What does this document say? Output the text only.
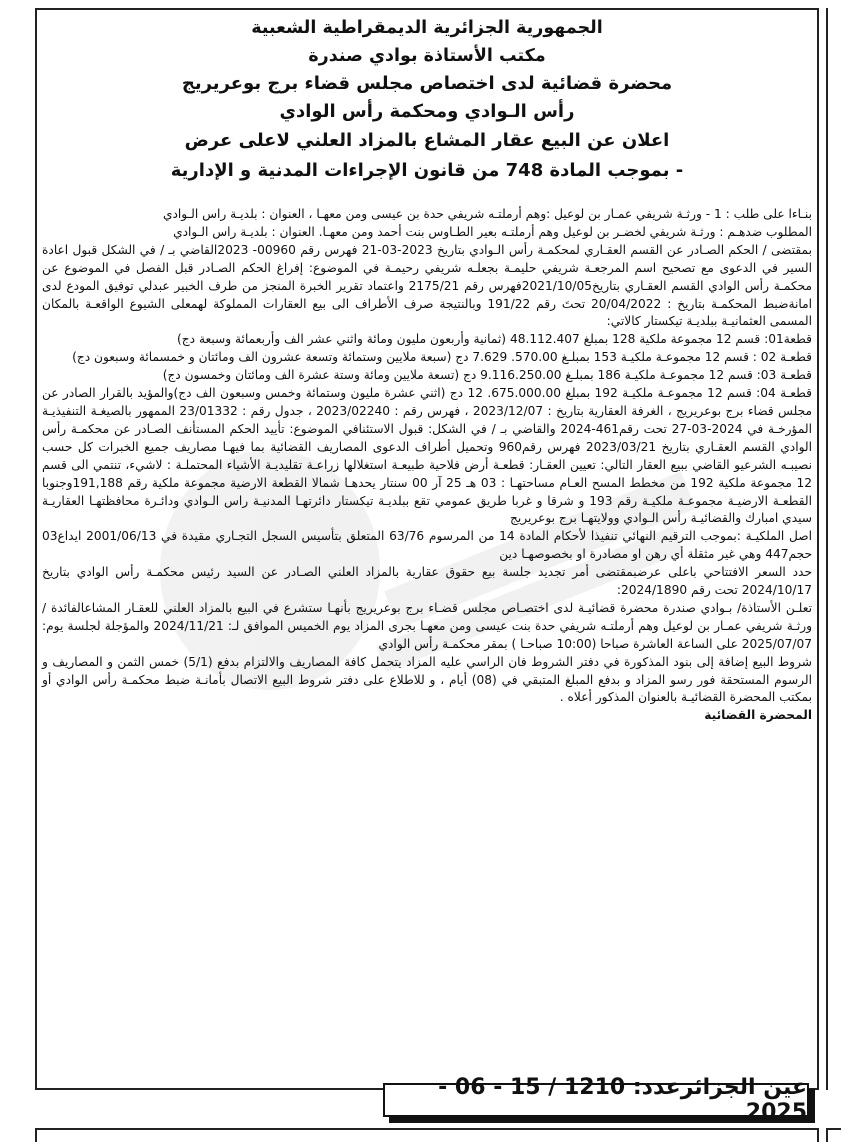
الجمهورية الجزائرية الديمقراطية الشعبية
مكتب الأستاذة بوادي صندرة
محضرة قضائية لدى اختصاص مجلس قضاء برج بوعريريج
رأس الـوادي ومحكمة رأس الوادي
اعلان عن البيع عقار المشاع بالمزاد العلني لاعلى عرض
- بموجب المادة 748 من قانون الإجراءات المدنية و الإدارية

بنـاءا على طلب : 1 - ورثـة شريفي عمـار بن لوعيل :وهم أرملتـه شريفي حدة بن عيسى ومن معهـا ، العنوان : بلديـة راس الـوادي

المطلوب ضدهـم : ورثـة شريفي لخضـر بن لوعيل وهم أرملتـه بعير الطـاوس بنت أحمد ومن معهـا. العنوان : بلديـة راس الـوادي

بمقتضى / الحكم الصـادر عن القسم العقـاري لمحكمـة رأس الـوادي بتاريخ 2023-03-21 فهرس رقم 00960- 2023القاضي بـ / في الشكل قبول اعادة السير في الدعوى مع تصحيح اسم المرجعـة شريفي حليمـة بجعلـه شريفي رحيمـة في الموضوع: إفراغ الحكم الصـادر قبل الفصل في الموضوع عن محكمـة رأس الوادي القسم العقـاري بتاريخ2021/10/05فهرس رقم 2175/21 واعتماد تقرير الخبرة المنجز من طرف الخبير عبدلي توفيق المودع لدى امانةضبط المحكمـة بتاريخ : 20/04/2022 تحتَ رقم 191/22 وبالنتيجة صرف الأطراف الى بيع العقارات المملوكة لهمعلى الشيوع الواقعـة بالمكان المسمى العثمانيـة ببلديـة تيكستار كالاتي:

قطعة01: قسم 12 مجموعة ملكية 128 بمبلغ 48.112.407 (ثمانية وأربعون مليون ومائة واثني عشر الف وأربعمائة وسبعة دج)

قطعـة 02 : قسم 12 مجموعـة ملكيـة 153 بمبلـغ 570.00. 7.629 دج (سبعة ملايين وستمائة وتسعة عشرون الف ومائتان و خمسمائة وسبعون دج)

قطعـة 03: قسم 12 مجموعـة ملكيـة 186 بمبلـغ 9.116.250.00 دج (تسعة ملايين ومائة وستة عشرة الف ومائتان وخمسون دج)

قطعـة 04: قسم 12 مجموعـة ملكيـة 192 بمبلغ 675.000.00. 12 دج (اثني عشرة مليون وستمائة وخمس وسبعون الف دج)والمؤيد بالقرار الصادر عن مجلس قضاء برج بوعريريج ، الغرفة العقارية بتاريخ : 2023/12/07 ، فهرس رقم : 2023/02240 ، جدول رقم : 23/01332 الممهور بالصيغـة التنفيذيـة المؤرخـة في 2024-03-27 تحت رقم461-2024 والقاضي بـ / في الشكل: قبول الاستئنافي الموضوع: تأييد الحكم المستأنف الصـادر عن محكمـة رأس الوادي القسم العقـاري بتاريخ 2023/03/21 فهرس رقم960 وتحميل أطراف الدعوى المصاريف القضائية بما فيهـا مصاريف جميع الخبرات كل حسب نصيبـه الشرعيو القاضي ببيع العقار التالي: تعيين العقـار: قطعـة أرض فلاحية طبيعـة استغلالها زراعـة تقليديـة الأشياء المحتملـة : لاشيء، تنتمي الى قسم 12 مجموعة ملكية 192 من مخطط المسح العـام مساحتهـا : 03 هـ 25 آر 00 سنتار يحدهـا شمالا القطعة الارضية مجموعة ملكية رقم 191,188وجنوبا القطعـة الارضيـة مجموعـة ملكيـة رقم 193 و شرقا و غربا طريق عمومي تقع ببلديـة تيكستار دائرتهـا المدنيـة راس الـوادي ودائـرة محافظتهـا العقاريـة سيدي امبارك والقضائيـة رأس الـوادي وولايتهـا برج بوعريريج

اصل الملكيـة :بموجب الترقيم النهائي تنفيذا لأحكام المادة 14 من المرسوم 63/76 المتعلق بتأسيس السجل التجـاري مقيدة في 2001/06/13 ايداع03 حجم447 وهي غير مثقلة أي رهن او مصادرة او بخصوصهـا دين

حدد السعر الافتتاحي باعلى عرضبمقتضى أمر تجديد جلسة بيع حقوق عقارية بالمزاد العلني الصـادر عن السيد رئيس محكمـة رأس الوادي بتاريخ 2024/10/17 تحت رقم 2024/1890:

تعلـن الأستاذة/ بـوادي صندرة محضرة قضائيـة لدى اختصـاص مجلس قضـاء برج بوعريريج بأنهـا ستشرع في البيع بالمزاد العلني للعقـار المشاعالفائدة / ورثـة شريفي عمـار بن لوعيل وهم أرملتـه شريفي حدة بنت عيسى ومن معهـا بجرى المزاد يوم الخميس الموافق لـ: 2024/11/21 والمؤجلة لجلسة يوم: 2025/07/07 على الساعة العاشرة صباحا (10:00 صباحـا ) بمقر محكمـة رأس الوادي

شروط البيع إضافة إلى بنود المذكورة في دفتر الشروط فان الراسي عليه المزاد يتحمل كافة المصاريف والالتزام بدفع (5/1) خمس الثمن و المصاريف و الرسوم المستحقة فور رسو المزاد و بدفع المبلغ المتبقي في (08) أيام ، و للاطلاع على دفتر شروط البيع الاتصال بأمانـة ضبط محكمـة رأس الوادي أو بمكتب المحضرة القضائيـة بالعنوان المذكور أعلاه .

المحضرة القضائية

عين الجزائرعدد: 1210 / 15 - 06 - 2025
